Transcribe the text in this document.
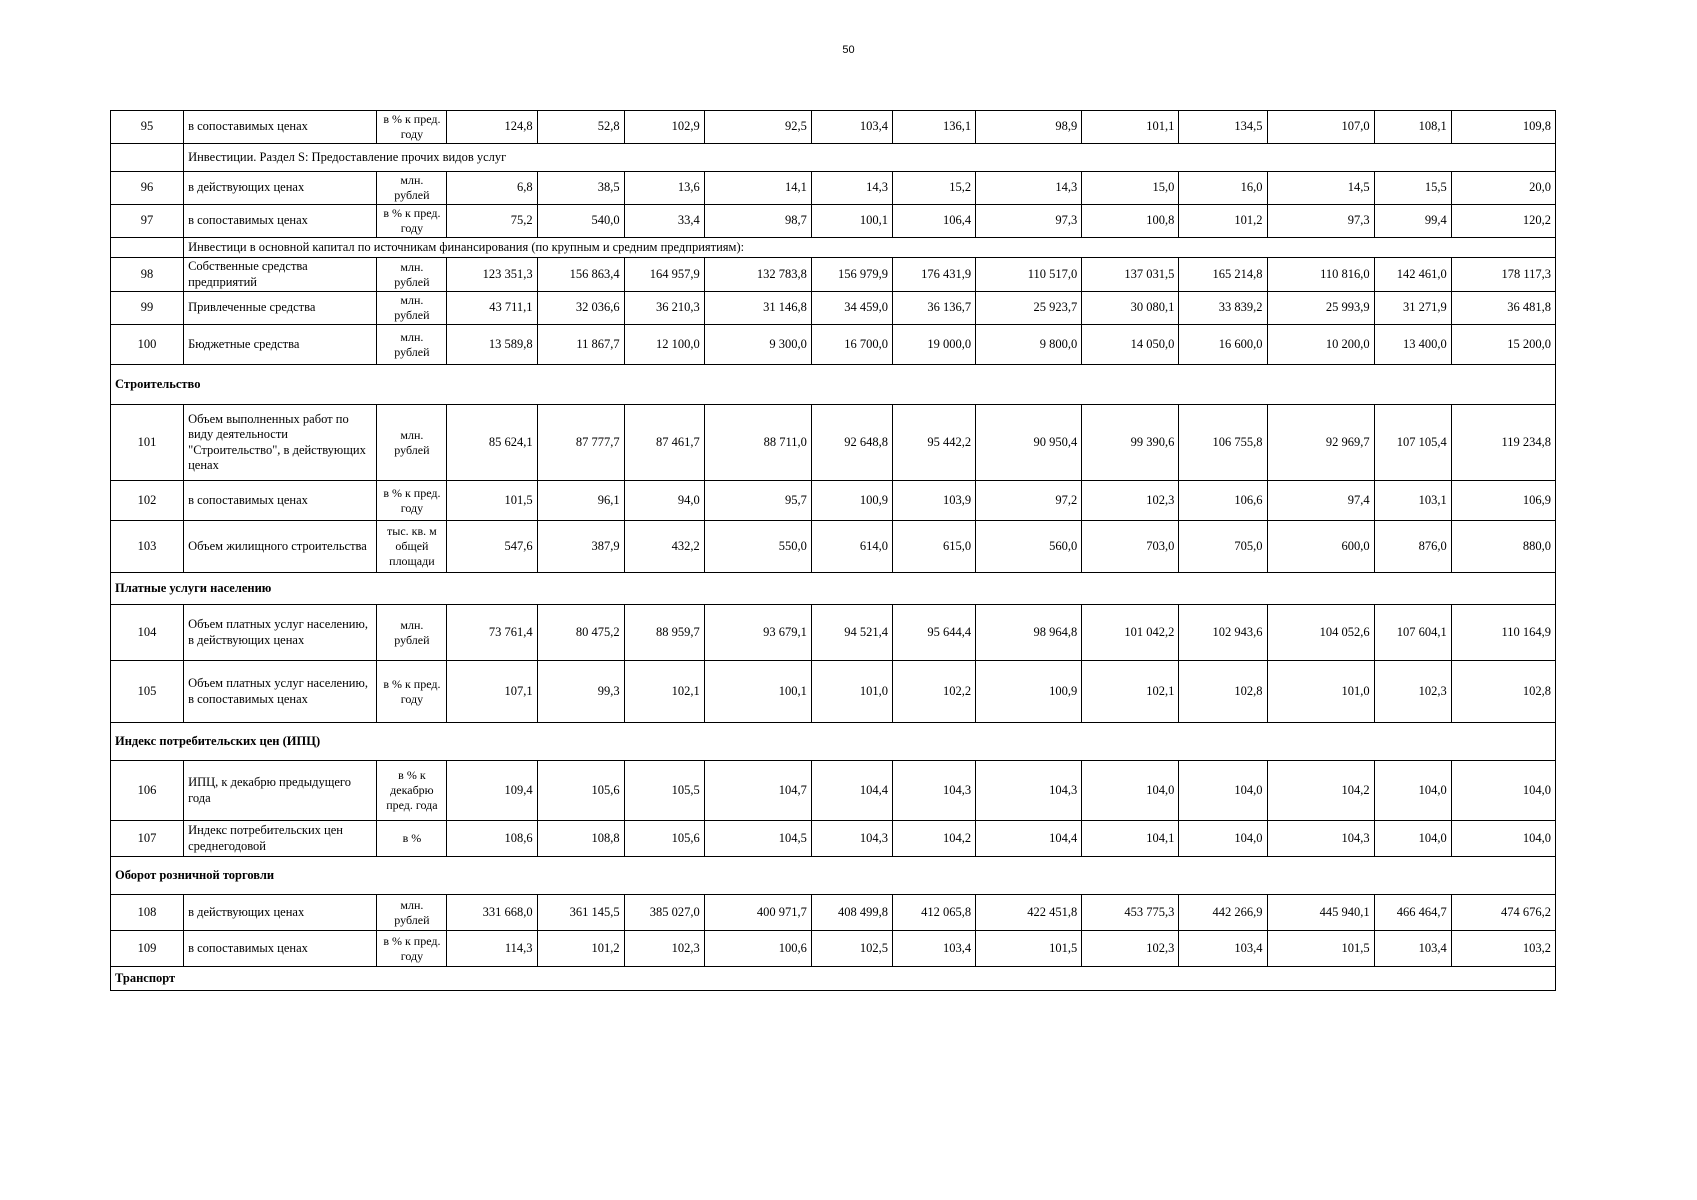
50
95	в сопоставимых ценах	в % к пред. году	124,8	52,8	102,9	92,5	103,4	136,1	98,9	101,1	134,5	107,0	108,1	109,8
	Инвестиции. Раздел S: Предоставление прочих видов услуг													
96	в действующих ценах	млн. рублей	6,8	38,5	13,6	14,1	14,3	15,2	14,3	15,0	16,0	14,5	15,5	20,0
97	в сопоставимых ценах	в % к пред. году	75,2	540,0	33,4	98,7	100,1	106,4	97,3	100,8	101,2	97,3	99,4	120,2
	Инвестици в основной капитал по источникам финансирования (по крупным и средним предприятиям):													
98	Собственные средства предприятий	млн. рублей	123 351,3	156 863,4	164 957,9	132 783,8	156 979,9	176 431,9	110 517,0	137 031,5	165 214,8	110 816,0	142 461,0	178 117,3
99	Привлеченные средства	млн. рублей	43 711,1	32 036,6	36 210,3	31 146,8	34 459,0	36 136,7	25 923,7	30 080,1	33 839,2	25 993,9	31 271,9	36 481,8
100	Бюджетные средства	млн. рублей	13 589,8	11 867,7	12 100,0	9 300,0	16 700,0	19 000,0	9 800,0	14 050,0	16 600,0	10 200,0	13 400,0	15 200,0
Строительство														
101	Объем выполненных работ по виду деятельности "Строительство", в действующих ценах	млн. рублей	85 624,1	87 777,7	87 461,7	88 711,0	92 648,8	95 442,2	90 950,4	99 390,6	106 755,8	92 969,7	107 105,4	119 234,8
102	в сопоставимых ценах	в % к пред. году	101,5	96,1	94,0	95,7	100,9	103,9	97,2	102,3	106,6	97,4	103,1	106,9
103	Объем жилищного строительства	тыс. кв. м общей площади	547,6	387,9	432,2	550,0	614,0	615,0	560,0	703,0	705,0	600,0	876,0	880,0
Платные услуги населению														
104	Объем платных услуг населению, в действующих ценах	млн. рублей	73 761,4	80 475,2	88 959,7	93 679,1	94 521,4	95 644,4	98 964,8	101 042,2	102 943,6	104 052,6	107 604,1	110 164,9
105	Объем платных услуг населению, в сопоставимых ценах	в % к пред. году	107,1	99,3	102,1	100,1	101,0	102,2	100,9	102,1	102,8	101,0	102,3	102,8
Индекс потребительских цен (ИПЦ)														
106	ИПЦ, к декабрю предыдущего года	в % к декабрю пред. года	109,4	105,6	105,5	104,7	104,4	104,3	104,3	104,0	104,0	104,2	104,0	104,0
107	Индекс потребительских цен среднегодовой	в %	108,6	108,8	105,6	104,5	104,3	104,2	104,4	104,1	104,0	104,3	104,0	104,0
Оборот розничной торговли														
108	в действующих ценах	млн. рублей	331 668,0	361 145,5	385 027,0	400 971,7	408 499,8	412 065,8	422 451,8	453 775,3	442 266,9	445 940,1	466 464,7	474 676,2
109	в сопоставимых ценах	в % к пред. году	114,3	101,2	102,3	100,6	102,5	103,4	101,5	102,3	103,4	101,5	103,4	103,2
Транспорт														
